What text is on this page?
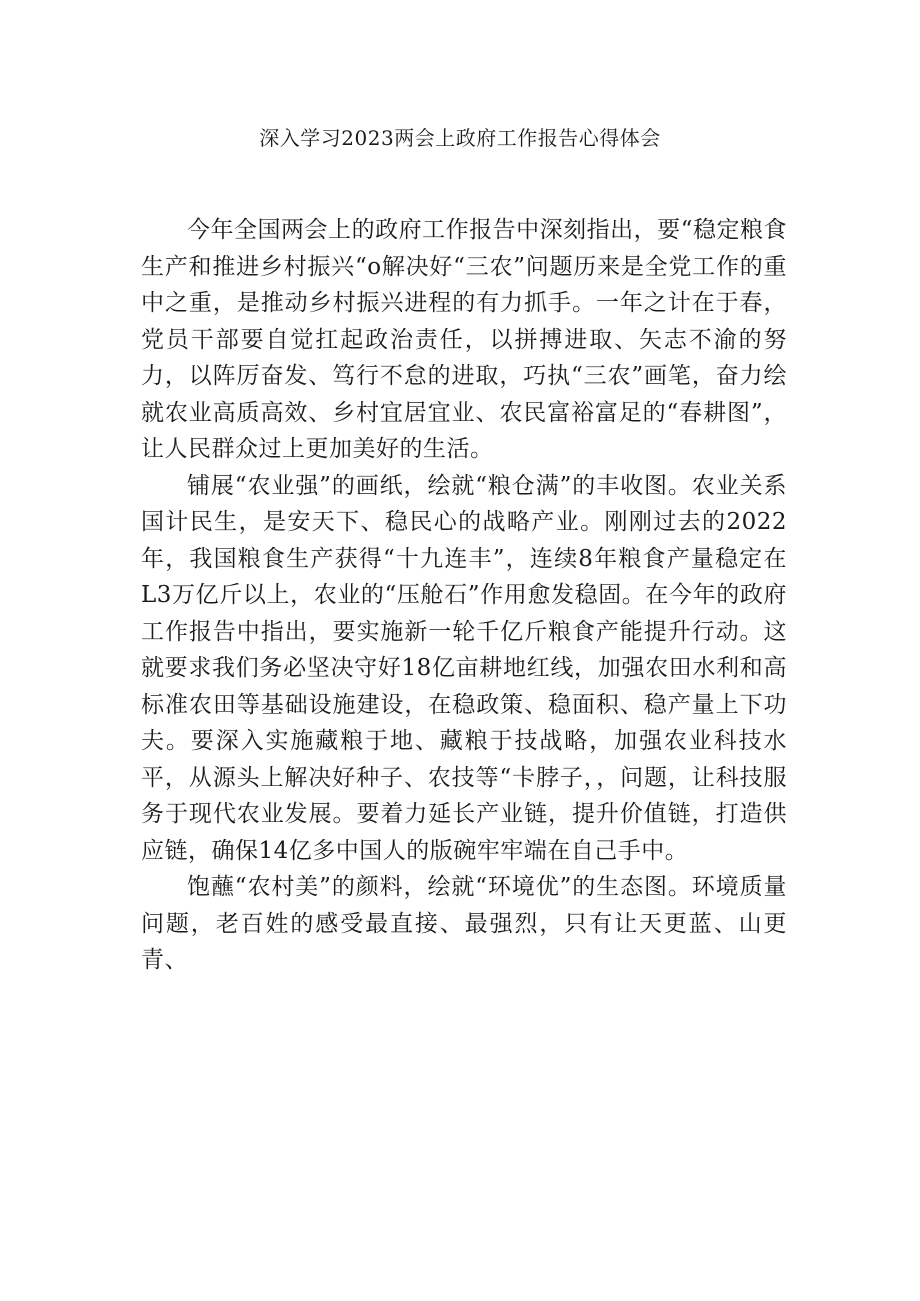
深入学习2023两会上政府工作报告心得体会

今年全国两会上的政府工作报告中深刻指出，要“稳定粮食生产和推进乡村振兴“o解决好“三农”问题历来是全党工作的重中之重，是推动乡村振兴进程的有力抓手。一年之计在于春，党员干部要自觉扛起政治责任，以拼搏进取、矢志不渝的努力，以阵厉奋发、笃行不怠的进取，巧执“三农”画笔，奋力绘就农业高质高效、乡村宜居宜业、农民富裕富足的“春耕图”，让人民群众过上更加美好的生活。

铺展“农业强”的画纸，绘就“粮仓满”的丰收图。农业关系国计民生，是安天下、稳民心的战略产业。刚刚过去的2022年，我国粮食生产获得“十九连丰”，连续8年粮食产量稳定在L3万亿斤以上，农业的“压舱石”作用愈发稳固。在今年的政府工作报告中指出，要实施新一轮千亿斤粮食产能提升行动。这就要求我们务必坚决守好18亿亩耕地红线，加强农田水利和高标准农田等基础设施建设，在稳政策、稳面积、稳产量上下功夫。要深入实施藏粮于地、藏粮于技战略，加强农业科技水平，从源头上解决好种子、农技等“卡脖子，，问题，让科技服务于现代农业发展。要着力延长产业链，提升价值链，打造供应链，确保14亿多中国人的版碗牢牢端在自己手中。

饱蘸“农村美”的颜料，绘就“环境优”的生态图。环境质量问题，老百姓的感受最直接、最强烈，只有让天更蓝、山更青、
